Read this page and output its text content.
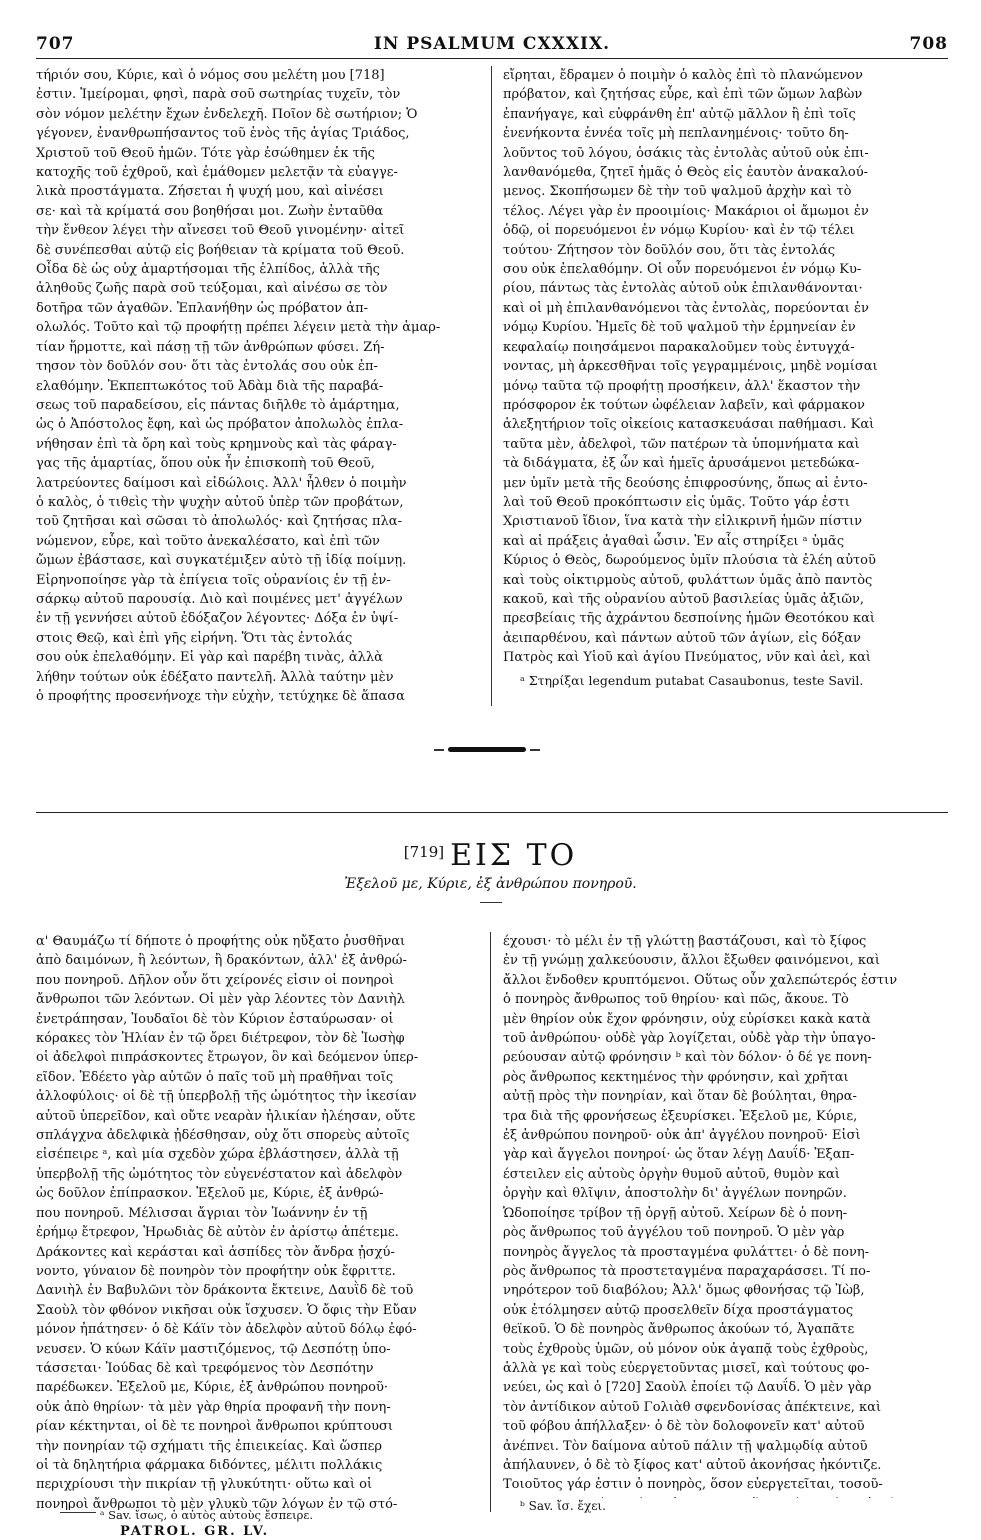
707	IN PSALMUM CXXXIX.	708

τήριόν σου, Κύριε, καὶ ὁ νόμος σου μελέτη μου [718]

ἐστιν. Ἱμείρομαι, φησὶ, παρὰ σοῦ σωτηρίας τυχεῖν, τὸν

σὸν νόμον μελέτην ἔχων ἐνδελεχῆ. Ποῖον δὲ σωτήριον; Ὁ

γέγονεν, ἐνανθρωπήσαντος τοῦ ἑνὸς τῆς ἁγίας Τριάδος,

Χριστοῦ τοῦ Θεοῦ ἡμῶν. Τότε γὰρ ἐσώθημεν ἐκ τῆς

κατοχῆς τοῦ ἐχθροῦ, καὶ ἐμάθομεν μελετᾷν τὰ εὐαγγε-

λικὰ προστάγματα. Ζήσεται ἡ ψυχή μου, καὶ αἰνέσει

σε· καὶ τὰ κρίματά σου βοηθήσαι μοι. Ζωὴν ἐνταῦθα

τὴν ἔνθεον λέγει τὴν αἴνεσει τοῦ Θεοῦ γινομένην· αἰτεῖ

δὲ συνέπεσθαι αὐτῷ εἰς βοήθειαν τὰ κρίματα τοῦ Θεοῦ.

Οἶδα δὲ ὡς οὐχ ἁμαρτήσομαι τῆς ἐλπίδος, ἀλλὰ τῆς

ἀληθοῦς ζωῆς παρὰ σοῦ τεύξομαι, καὶ αἰνέσω σε τὸν

δοτῆρα τῶν ἀγαθῶν. Ἐπλανήθην ὡς πρόβατον ἀπ-

ολωλός. Τοῦτο καὶ τῷ προφήτῃ πρέπει λέγειν μετὰ τὴν ἁμαρ-

τίαν ἥρμοττε, καὶ πάσῃ τῇ τῶν ἀνθρώπων φύσει. Ζή-

τησον τὸν δοῦλόν σου· ὅτι τὰς ἐντολάς σου οὐκ ἐπ-

ελαθόμην. Ἐκπεπτωκότος τοῦ Ἀδὰμ διὰ τῆς παραβά-

σεως τοῦ παραδείσου, εἰς πάντας διῆλθε τὸ ἁμάρτημα,

ὡς ὁ Ἀπόστολος ἔφη, καὶ ὡς πρόβατον ἀπολωλὸς ἐπλα-

νήθησαν ἐπὶ τὰ ὄρη καὶ τοὺς κρημνοὺς καὶ τὰς φάραγ-

γας τῆς ἁμαρτίας, ὅπου οὐκ ἦν ἐπισκοπὴ τοῦ Θεοῦ,

λατρεύοντες δαίμοσι καὶ εἰδώλοις. Ἀλλ' ἦλθεν ὁ ποιμὴν

ὁ καλὸς, ὁ τιθεὶς τὴν ψυχὴν αὐτοῦ ὑπὲρ τῶν προβάτων,

τοῦ ζητῆσαι καὶ σῶσαι τὸ ἀπολωλός· καὶ ζητήσας πλα-

νώμενον, εὗρε, καὶ τοῦτο ἀνεκαλέσατο, καὶ ἐπὶ τῶν

ὤμων ἐβάστασε, καὶ συγκατέμιξεν αὐτὸ τῇ ἰδίᾳ ποίμνῃ.

Εἰρηνοποίησε γὰρ τὰ ἐπίγεια τοῖς οὐρανίοις ἐν τῇ ἐν-

σάρκῳ αὐτοῦ παρουσίᾳ. Διὸ καὶ ποιμένες μετ' ἀγγέλων

ἐν τῇ γεννήσει αὐτοῦ ἐδόξαζον λέγοντες· Δόξα ἐν ὑψί-

στοις Θεῷ, καὶ ἐπὶ γῆς εἰρήνη. Ὅτι τὰς ἐντολάς

σου οὐκ ἐπελαθόμην. Εἰ γὰρ καὶ παρέβη τινὰς, ἀλλὰ

λήθην τούτων οὐκ ἐδέξατο παντελῆ. Ἀλλὰ ταύτην μὲν

ὁ προφήτης προσενήνοχε τὴν εὐχὴν, τετύχηκε δὲ ἅπασα

εἴρηται, ἔδραμεν ὁ ποιμὴν ὁ καλὸς ἐπὶ τὸ πλανώμενον

πρόβατον, καὶ ζητήσας εὗρε, καὶ ἐπὶ τῶν ὤμων λαβὼν

ἐπανήγαγε, καὶ εὐφράνθη ἐπ' αὐτῷ μᾶλλον ἢ ἐπὶ τοῖς

ἐνενήκοντα ἐννέα τοῖς μὴ πεπλανημένοις· τοῦτο δη-

λοῦντος τοῦ λόγου, ὁσάκις τὰς ἐντολὰς αὐτοῦ οὐκ ἐπι-

λανθανόμεθα, ζητεῖ ἡμᾶς ὁ Θεὸς εἰς ἑαυτὸν ἀνακαλού-

μενος. Σκοπήσωμεν δὲ τὴν τοῦ ψαλμοῦ ἀρχὴν καὶ τὸ

τέλος. Λέγει γὰρ ἐν προοιμίοις· Μακάριοι οἱ ἄμωμοι ἐν

ὁδῷ, οἱ πορευόμενοι ἐν νόμῳ Κυρίου· καὶ ἐν τῷ τέλει

τούτου· Ζήτησον τὸν δοῦλόν σου, ὅτι τὰς ἐντολάς

σου οὐκ ἐπελαθόμην. Οἱ οὖν πορευόμενοι ἐν νόμῳ Κυ-

ρίου, πάντως τὰς ἐντολὰς αὐτοῦ οὐκ ἐπιλανθάνονται·

καὶ οἱ μὴ ἐπιλανθανόμενοι τὰς ἐντολὰς, πορεύονται ἐν

νόμῳ Κυρίου. Ἡμεῖς δὲ τοῦ ψαλμοῦ τὴν ἑρμηνείαν ἐν

κεφαλαίῳ ποιησάμενοι παρακαλοῦμεν τοὺς ἐντυγχά-

νοντας, μὴ ἀρκεσθῆναι τοῖς γεγραμμένοις, μηδὲ νομίσαι

μόνῳ ταῦτα τῷ προφήτῃ προσήκειν, ἀλλ' ἕκαστον τὴν

πρόσφορον ἐκ τούτων ὠφέλειαν λαβεῖν, καὶ φάρμακον

ἀλεξητήριον τοῖς οἰκείοις κατασκευάσαι παθήμασι. Καὶ

ταῦτα μὲν, ἀδελφοὶ, τῶν πατέρων τὰ ὑπομνήματα καὶ

τὰ διδάγματα, ἐξ ὧν καὶ ἡμεῖς ἀρυσάμενοι μετεδώκα-

μεν ὑμῖν μετὰ τῆς δεούσης ἐπιφροσύνης, ὅπως αἱ ἐντο-

λαὶ τοῦ Θεοῦ προκόπτωσιν εἰς ὑμᾶς. Τοῦτο γάρ ἐστι

Χριστιανοῦ ἴδιον, ἵνα κατὰ τὴν εἰλικρινῆ ἡμῶν πίστιν

καὶ αἱ πράξεις ἀγαθαὶ ὦσιν. Ἐν αἷς στηρίξει ᵃ ὑμᾶς

Κύριος ὁ Θεὸς, δωρούμενος ὑμῖν πλούσια τὰ ἐλέη αὐτοῦ

καὶ τοὺς οἰκτιρμοὺς αὐτοῦ, φυλάττων ὑμᾶς ἀπὸ παντὸς

κακοῦ, καὶ τῆς οὐρανίου αὐτοῦ βασιλείας ὑμᾶς ἀξιῶν,

πρεσβείαις τῆς ἀχράντου δεσποίνης ἡμῶν Θεοτόκου καὶ

ἀειπαρθένου, καὶ πάντων αὐτοῦ τῶν ἁγίων, εἰς δόξαν

Πατρὸς καὶ Υἱοῦ καὶ ἁγίου Πνεύματος, νῦν καὶ ἀεὶ, καὶ

ᵃ Στηρίξαι legendum putabat Casaubonus, teste Savil.
[719] ΕΙΣ ΤΟ
Ἐξελοῦ με, Κύριε, ἐξ ἀνθρώπου πονηροῦ.

α' Θαυμάζω τί δήποτε ὁ προφήτης οὐκ ηὔξατο ῥυσθῆναι

ἀπὸ δαιμόνων, ἢ λεόντων, ἢ δρακόντων, ἀλλ' ἐξ ἀνθρώ-

που πονηροῦ. Δῆλον οὖν ὅτι χείρονές εἰσιν οἱ πονηροὶ

ἄνθρωποι τῶν λεόντων. Οἱ μὲν γὰρ λέοντες τὸν Δανιὴλ

ἐνετράπησαν, Ἰουδαῖοι δὲ τὸν Κύριον ἐσταύρωσαν· οἱ

κόρακες τὸν Ἠλίαν ἐν τῷ ὄρει διέτρεφον, τὸν δὲ Ἰωσὴφ

οἱ ἀδελφοὶ πιπράσκοντες ἔτρωγον, ὃν καὶ δεόμενον ὑπερ-

εῖδον. Ἐδέετο γὰρ αὐτῶν ὁ παῖς τοῦ μὴ πραθῆναι τοῖς

ἀλλοφύλοις· οἱ δὲ τῇ ὑπερβολῇ τῆς ὠμότητος τὴν ἱκεσίαν

αὐτοῦ ὑπερεῖδον, καὶ οὔτε νεαρὰν ἡλικίαν ἠλέησαν, οὔτε

σπλάγχνα ἀδελφικὰ ᾐδέσθησαν, οὐχ ὅτι σπορεὺς αὐτοῖς

εἰσέπειρε ᵃ, καὶ μία σχεδὸν χώρα ἐβλάστησεν, ἀλλὰ τῇ

ὑπερβολῇ τῆς ὠμότητος τὸν εὐγενέστατον καὶ ἀδελφὸν

ὡς δοῦλον ἐπίπρασκον. Ἐξελοῦ με, Κύριε, ἐξ ἀνθρώ-

που πονηροῦ. Μέλισσαι ἄγριαι τὸν Ἰωάννην ἐν τῇ

ἐρήμῳ ἔτρεφον, Ἡρωδιὰς δὲ αὐτὸν ἐν ἀρίστῳ ἀπέτεμε.

Δράκοντες καὶ κεράσται καὶ ἀσπίδες τὸν ἄνδρα ᾐσχύ-

νοντο, γύναιον δὲ πονηρὸν τὸν προφήτην οὐκ ἔφριττε.

Δανιὴλ ἐν Βαβυλῶνι τὸν δράκοντα ἔκτεινε, Δαυῒδ δὲ τοῦ

Σαοὺλ τὸν φθόνον νικῆσαι οὐκ ἴσχυσεν. Ὁ ὄφις τὴν Εὔαν

μόνον ἠπάτησεν· ὁ δὲ Κάϊν τὸν ἀδελφὸν αὐτοῦ δόλῳ ἐφό-

νευσεν. Ὁ κύων Κάϊν μαστιζόμενος, τῷ Δεσπότῃ ὑπο-

τάσσεται· Ἰούδας δὲ καὶ τρεφόμενος τὸν Δεσπότην

παρέδωκεν. Ἐξελοῦ με, Κύριε, ἐξ ἀνθρώπου πονηροῦ·

οὐκ ἀπὸ θηρίων· τὰ μὲν γὰρ θηρία προφανῆ τὴν πονη-

ρίαν κέκτηνται, οἱ δὲ τε πονηροὶ ἄνθρωποι κρύπτουσι

τὴν πονηρίαν τῷ σχήματι τῆς ἐπιεικείας. Καὶ ὥσπερ

οἱ τὰ δηλητήρια φάρμακα διδόντες, μέλιτι πολλάκις

περιχρίουσι τὴν πικρίαν τῇ γλυκύτητι· οὕτω καὶ οἱ

πονηροὶ ἄνθρωποι τὸ μὲν γλυκὺ τῶν λόγων ἐν τῷ στό-

έχουσι· τὸ μέλι ἐν τῇ γλώττῃ βαστάζουσι, καὶ τὸ ξίφος

ἐν τῇ γνώμῃ χαλκεύουσιν, ἄλλοι ἔξωθεν φαινόμενοι, καὶ

ἄλλοι ἔνδοθεν κρυπτόμενοι. Οὕτως οὖν χαλεπώτερός ἐστιν

ὁ πονηρὸς ἄνθρωπος τοῦ θηρίου· καὶ πῶς, ἄκουε. Τὸ

μὲν θηρίον οὐκ ἔχον φρόνησιν, οὐχ εὑρίσκει κακὰ κατὰ

τοῦ ἀνθρώπου· οὐδὲ γὰρ λογίζεται, οὐδὲ γὰρ τὴν ὑπαγο-

ρεύουσαν αὐτῷ φρόνησιν ᵇ καὶ τὸν δόλον· ὁ δέ γε πονη-

ρὸς ἄνθρωπος κεκτημένος τὴν φρόνησιν, καὶ χρῆται

αὐτῇ πρὸς τὴν πονηρίαν, καὶ ὅταν δὲ βούληται, θηρα-

τρα διὰ τῆς φρονήσεως ἐξευρίσκει. Ἐξελοῦ με, Κύριε,

ἐξ ἀνθρώπου πονηροῦ· οὐκ ἀπ' ἀγγέλου πονηροῦ· Εἰσὶ

γὰρ καὶ ἄγγελοι πονηροί· ὡς ὅταν λέγῃ Δαυΐδ· Ἐξαπ-

έστειλεν εἰς αὐτοὺς ὀργὴν θυμοῦ αὐτοῦ, θυμὸν καὶ

ὀργὴν καὶ θλῖψιν, ἀποστολὴν δι' ἀγγέλων πονηρῶν.

Ὡδοποίησε τρίβον τῇ ὀργῇ αὐτοῦ. Χείρων δὲ ὁ πονη-

ρὸς ἄνθρωπος τοῦ ἀγγέλου τοῦ πονηροῦ. Ὁ μὲν γὰρ

πονηρὸς ἄγγελος τὰ προσταγμένα φυλάττει· ὁ δὲ πονη-

ρὸς ἄνθρωπος τὰ προστεταγμένα παραχαράσσει. Τί πο-

νηρότερον τοῦ διαβόλου; Ἀλλ' ὅμως φθονήσας τῷ Ἰὼβ,

οὐκ ἐτόλμησεν αὐτῷ προσελθεῖν δίχα προστάγματος

θεϊκοῦ. Ὁ δὲ πονηρὸς ἄνθρωπος ἀκούων τό, Ἀγαπᾶτε

τοὺς ἐχθροὺς ὑμῶν, οὐ μόνον οὐκ ἀγαπᾷ τοὺς ἐχθροὺς,

ἀλλὰ γε καὶ τοὺς εὐεργετοῦντας μισεῖ, καὶ τούτους φο-

νεύει, ὡς καὶ ὁ [720] Σαοὺλ ἐποίει τῷ Δαυΐδ. Ὁ μὲν γὰρ

τὸν ἀντίδικον αὐτοῦ Γολιὰθ σφενδονίσας ἀπέκτεινε, καὶ

τοῦ φόβου ἀπήλλαξεν· ὁ δὲ τὸν δολοφονεῖν κατ' αὐτοῦ

ἀνέπνει. Τὸν δαίμονα αὐτοῦ πάλιν τῇ ψαλμῳδίᾳ αὐτοῦ

ἀπήλαυνεν, ὁ δὲ τὸ ξίφος κατ' αὐτοῦ ἀκονήσας ἠκόντιζε.

Τοιοῦτος γάρ ἐστιν ὁ πονηρὸς, ὅσον εὐεργετεῖται, τοσοῦ-

ᵃ Sav. ἴσως, ὁ αὐτὸς αὐτοὺς ἔσπειρε.
ᵇ Sav. ἴσ. ἔχει.
PATROL. GR. LV.
